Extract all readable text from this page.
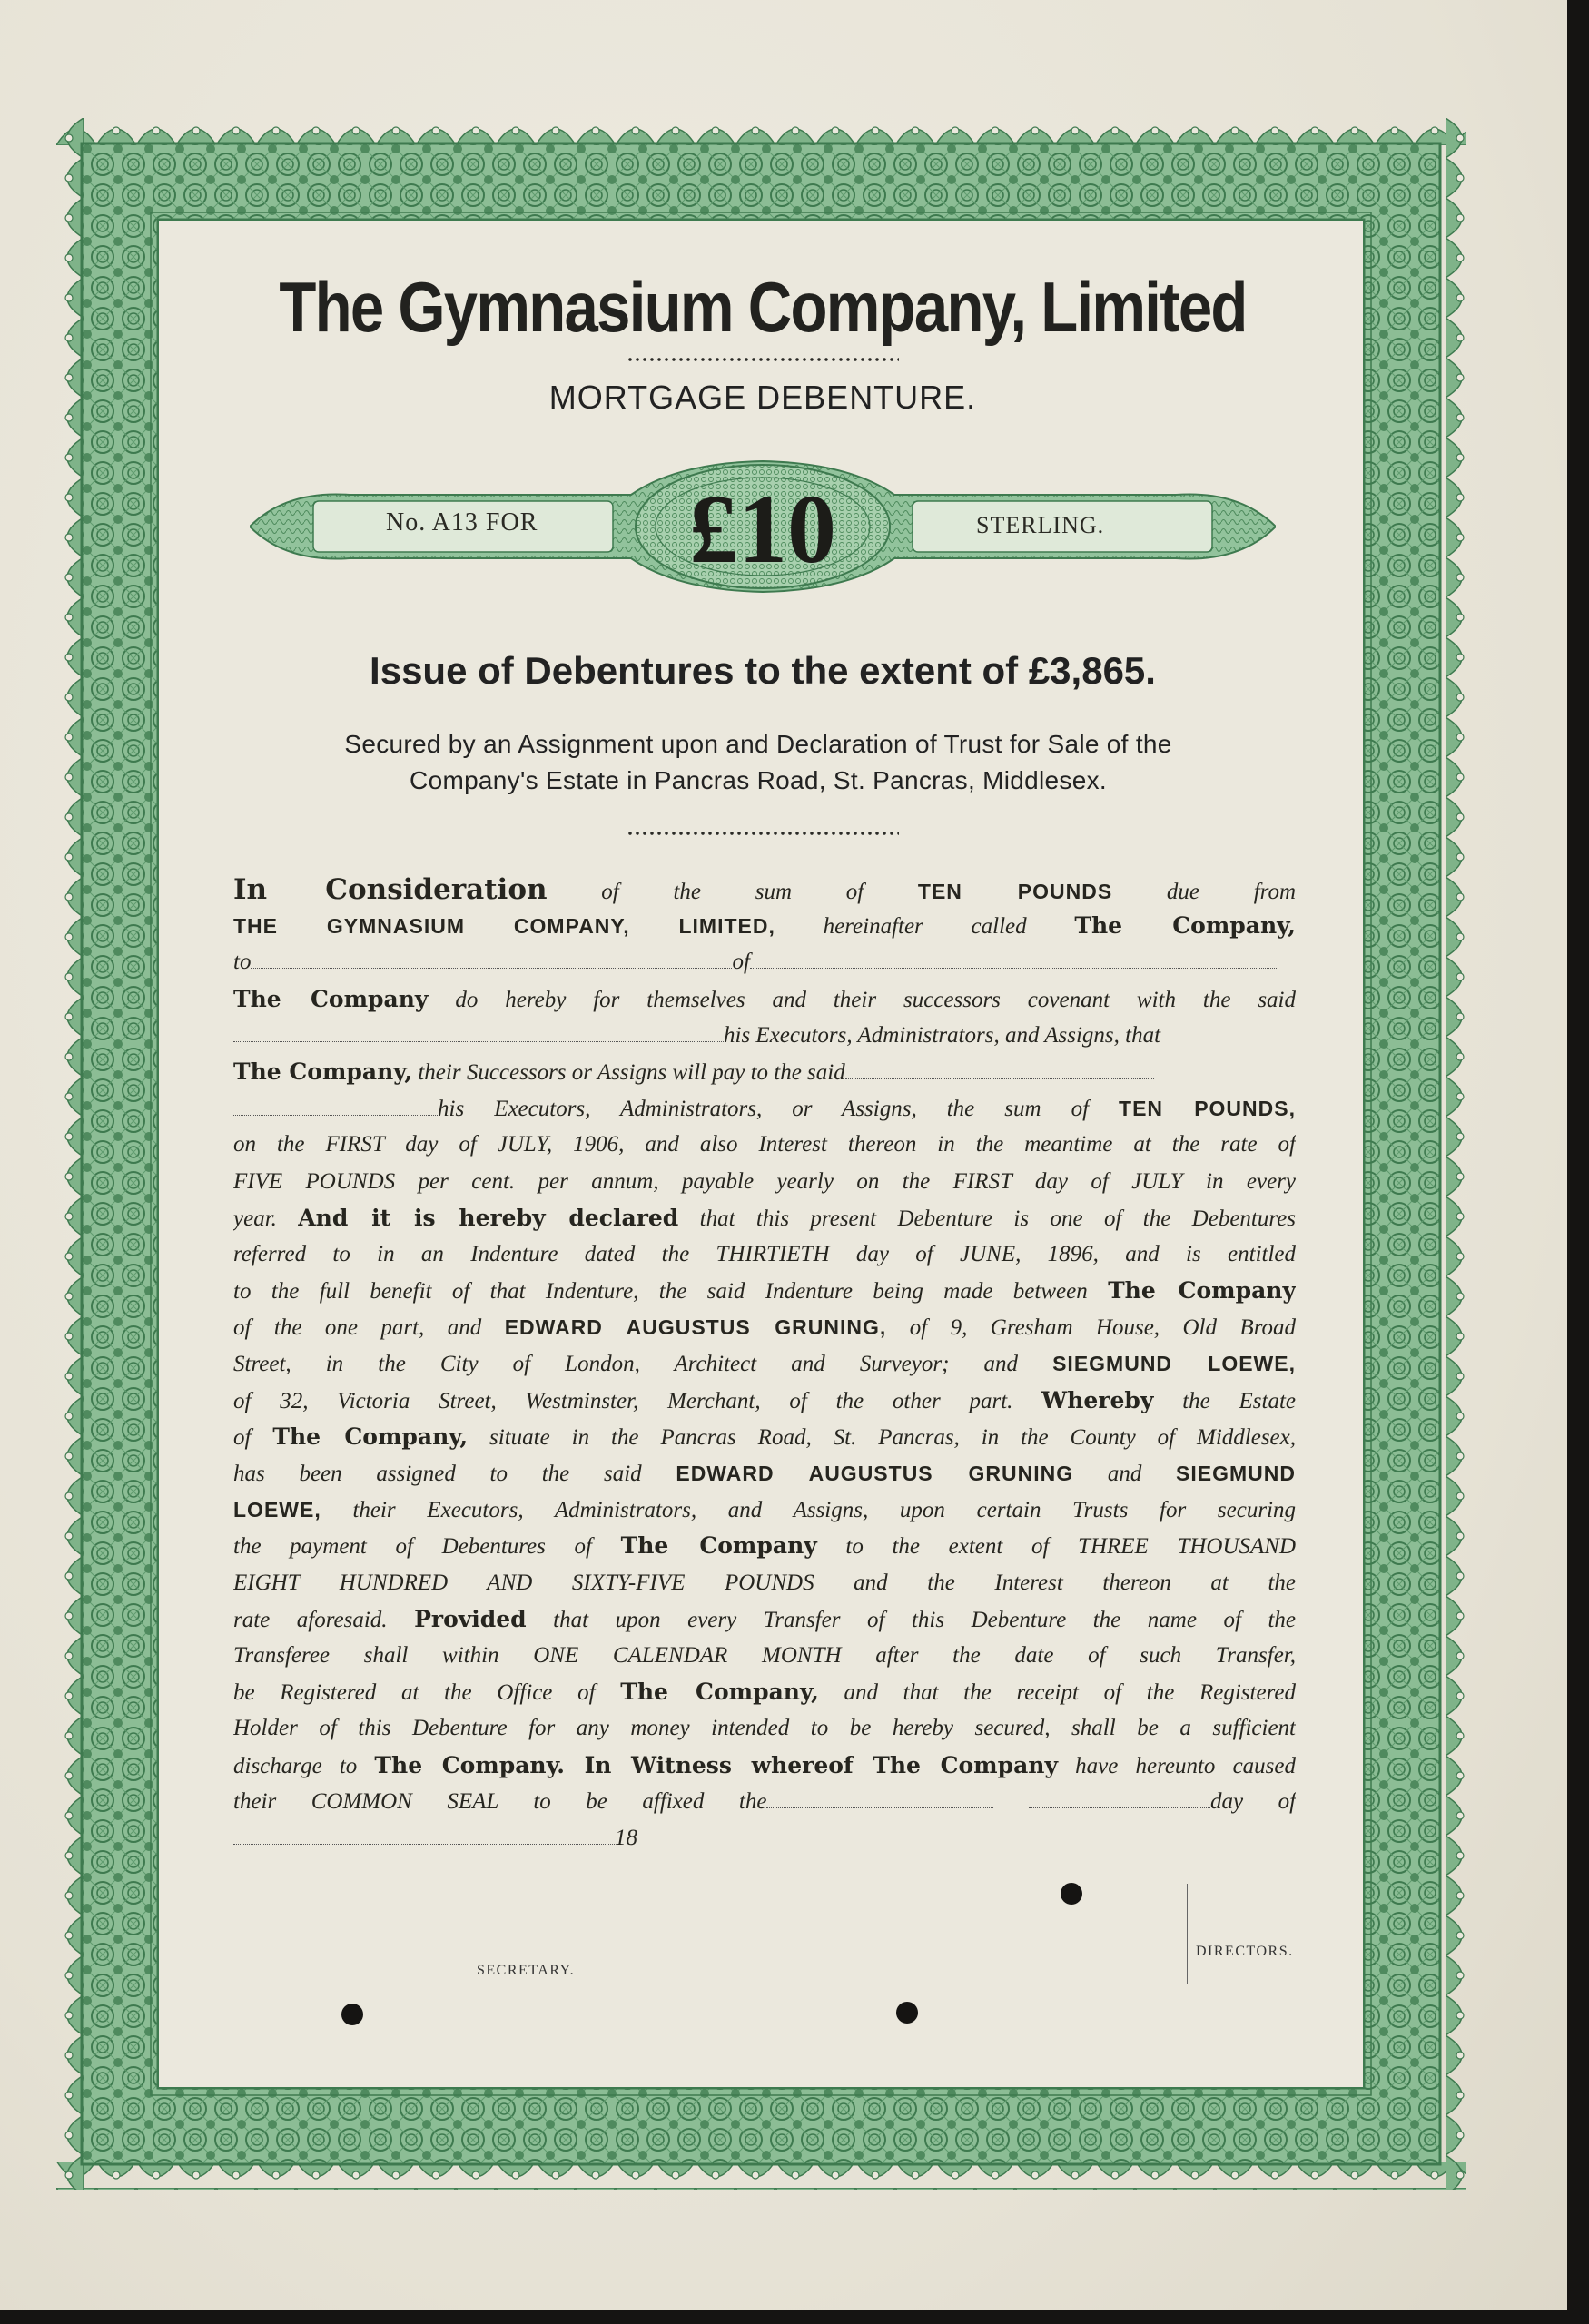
The Gymnasium Company, Limited
MORTGAGE DEBENTURE.
No. A13 FOR	£10	STERLING.
Issue of Debentures to the extent of £3,865.
Secured by an Assignment upon and Declaration of Trust for Sale of the
Company's Estate in Pancras Road, St. Pancras, Middlesex.
In Consideration of the sum of TEN POUNDS due from
THE GYMNASIUM COMPANY, LIMITED, hereinafter called The Company,
to	of
The Company do hereby for themselves and their successors covenant with the said
his Executors, Administrators, and Assigns, that
The Company, their Successors or Assigns will pay to the said
his Executors, Administrators, or Assigns, the sum of TEN POUNDS,
on the FIRST day of JULY, 1906, and also Interest thereon in the meantime at the rate of
FIVE POUNDS per cent. per annum, payable yearly on the FIRST day of JULY in every
year. And it is hereby declared that this present Debenture is one of the Debentures
referred to in an Indenture dated the THIRTIETH day of JUNE, 1896, and is entitled
to the full benefit of that Indenture, the said Indenture being made between The Company
of the one part, and EDWARD AUGUSTUS GRUNING, of 9, Gresham House, Old Broad
Street, in the City of London, Architect and Surveyor; and SIEGMUND LOEWE,
of 32, Victoria Street, Westminster, Merchant, of the other part. Whereby the Estate
of The Company, situate in the Pancras Road, St. Pancras, in the County of Middlesex,
has been assigned to the said EDWARD AUGUSTUS GRUNING and SIEGMUND
LOEWE, their Executors, Administrators, and Assigns, upon certain Trusts for securing
the payment of Debentures of The Company to the extent of THREE THOUSAND
EIGHT HUNDRED AND SIXTY-FIVE POUNDS and the Interest thereon at the
rate aforesaid. Provided that upon every Transfer of this Debenture the name of the
Transferee shall within ONE CALENDAR MONTH after the date of such Transfer,
be Registered at the Office of The Company, and that the receipt of the Registered
Holder of this Debenture for any money intended to be hereby secured, shall be a sufficient
discharge to The Company. In Witness whereof The Company have hereunto caused
their COMMON SEAL to be affixed the	day of
18
SECRETARY.
DIRECTORS.
